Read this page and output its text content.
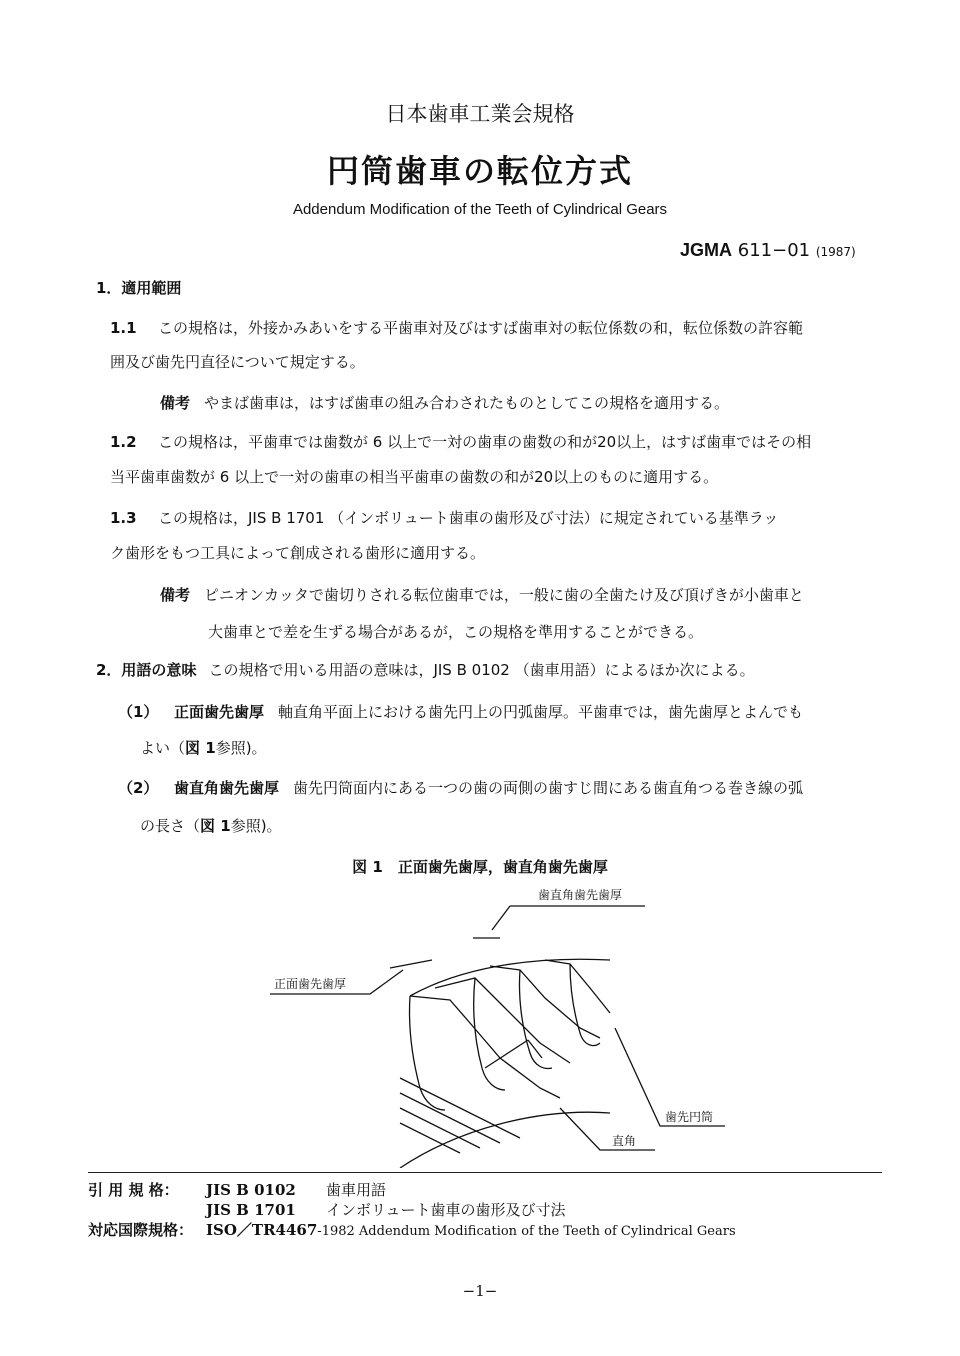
日本歯車工業会規格
円筒歯車の転位方式
Addendum Modification of the Teeth of Cylindrical Gears
JGMA 611−01 (1987)
1．適用範囲
1.1 この規格は，外接かみあいをする平歯車対及びはすば歯車対の転位係数の和，転位係数の許容範
囲及び歯先円直径について規定する。
備考 やまば歯車は，はすば歯車の組み合わされたものとしてこの規格を適用する。
1.2 この規格は，平歯車では歯数が 6 以上で一対の歯車の歯数の和が20以上，はすば歯車ではその相
当平歯車歯数が 6 以上で一対の歯車の相当平歯車の歯数の和が20以上のものに適用する。
1.3 この規格は，JIS B 1701 （インボリュート歯車の歯形及び寸法）に規定されている基準ラッ
ク歯形をもつ工具によって創成される歯形に適用する。
備考 ピニオンカッタで歯切りされる転位歯車では，一般に歯の全歯たけ及び頂げきが小歯車と
大歯車とで差を生ずる場合があるが，この規格を準用することができる。
2．用語の意味 この規格で用いる用語の意味は，JIS B 0102 （歯車用語）によるほか次による。
（1） 正面歯先歯厚 軸直角平面上における歯先円上の円弧歯厚。平歯車では，歯先歯厚とよんでも
よい（図 1参照)。
（2） 歯直角歯先歯厚 歯先円筒面内にある一つの歯の両側の歯すじ間にある歯直角つる巻き線の弧
の長さ（図 1参照)。
図 1　正面歯先歯厚，歯直角歯先歯厚
歯直角歯先歯厚
正面歯先歯厚
歯先円筒
直角
引 用 規 格： JIS B 0102 歯車用語
JIS B 1701 インボリュート歯車の歯形及び寸法
対応国際規格： ISO／TR4467-1982 Addendum Modification of the Teeth of Cylindrical Gears
−1−
